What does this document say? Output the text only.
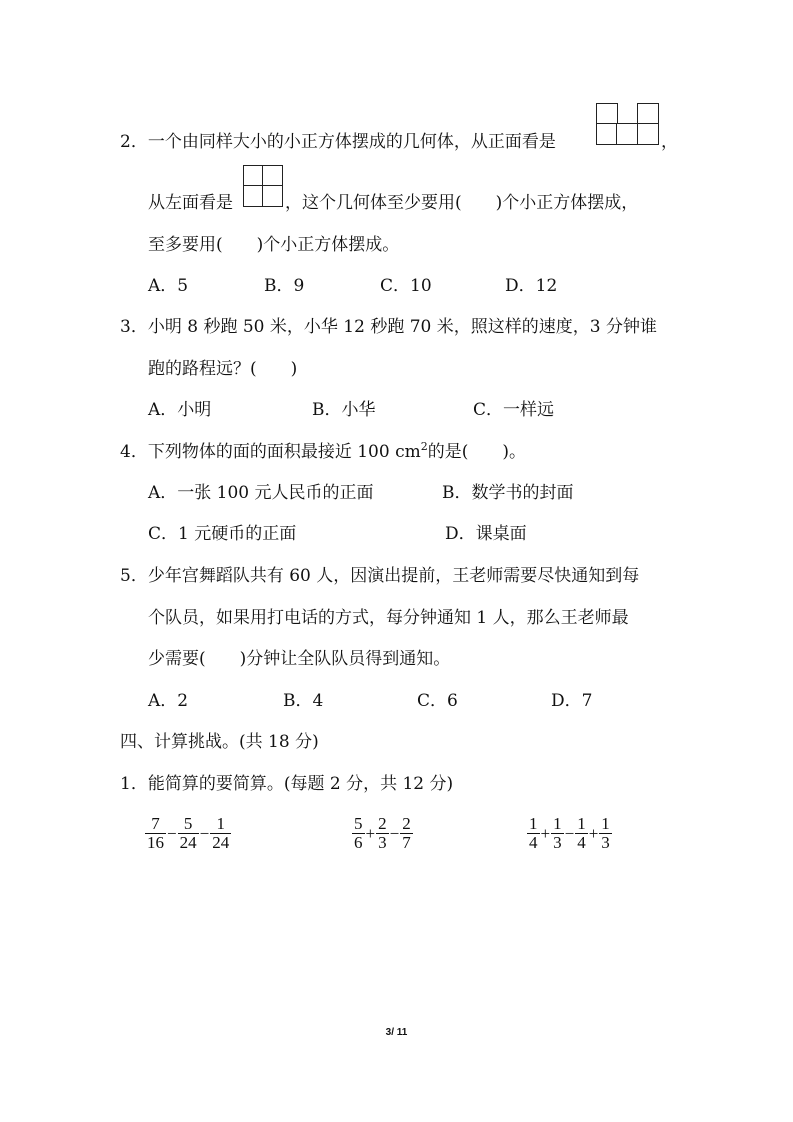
2．一个由同样大小的小正方体摆成的几何体，从正面看是	，
从左面看是	，这个几何体至少要用(　　)个小正方体摆成，
至多要用(　　)个小正方体摆成。
A．5	B．9	C．10	D．12
3．小明 8 秒跑 50 米，小华 12 秒跑 70 米，照这样的速度，3 分钟谁
跑的路程远？(　　)
A．小明	B．小华	C．一样远
4．下列物体的面的面积最接近 100 $cm^2$的是(　　)。
A．一张 100 元人民币的正面	B．数学书的封面
C．1 元硬币的正面	D．课桌面
5．少年宫舞蹈队共有 60 人，因演出提前，王老师需要尽快通知到每
个队员，如果用打电话的方式，每分钟通知 1 人，那么王老师最
少需要(　　)分钟让全队队员得到通知。
A．2	B．4	C．6	D．7
四、计算挑战。(共 18 分)
1．能简算的要简算。(每题 2 分，共 12 分)
$\frac{7}{16} - \frac{5}{24} - \frac{1}{24}$	$\frac{5}{6} + \frac{2}{3} - \frac{2}{7}$	$\frac{1}{4} + \frac{1}{3} - \frac{1}{4} + \frac{1}{3}$
3/ 11
